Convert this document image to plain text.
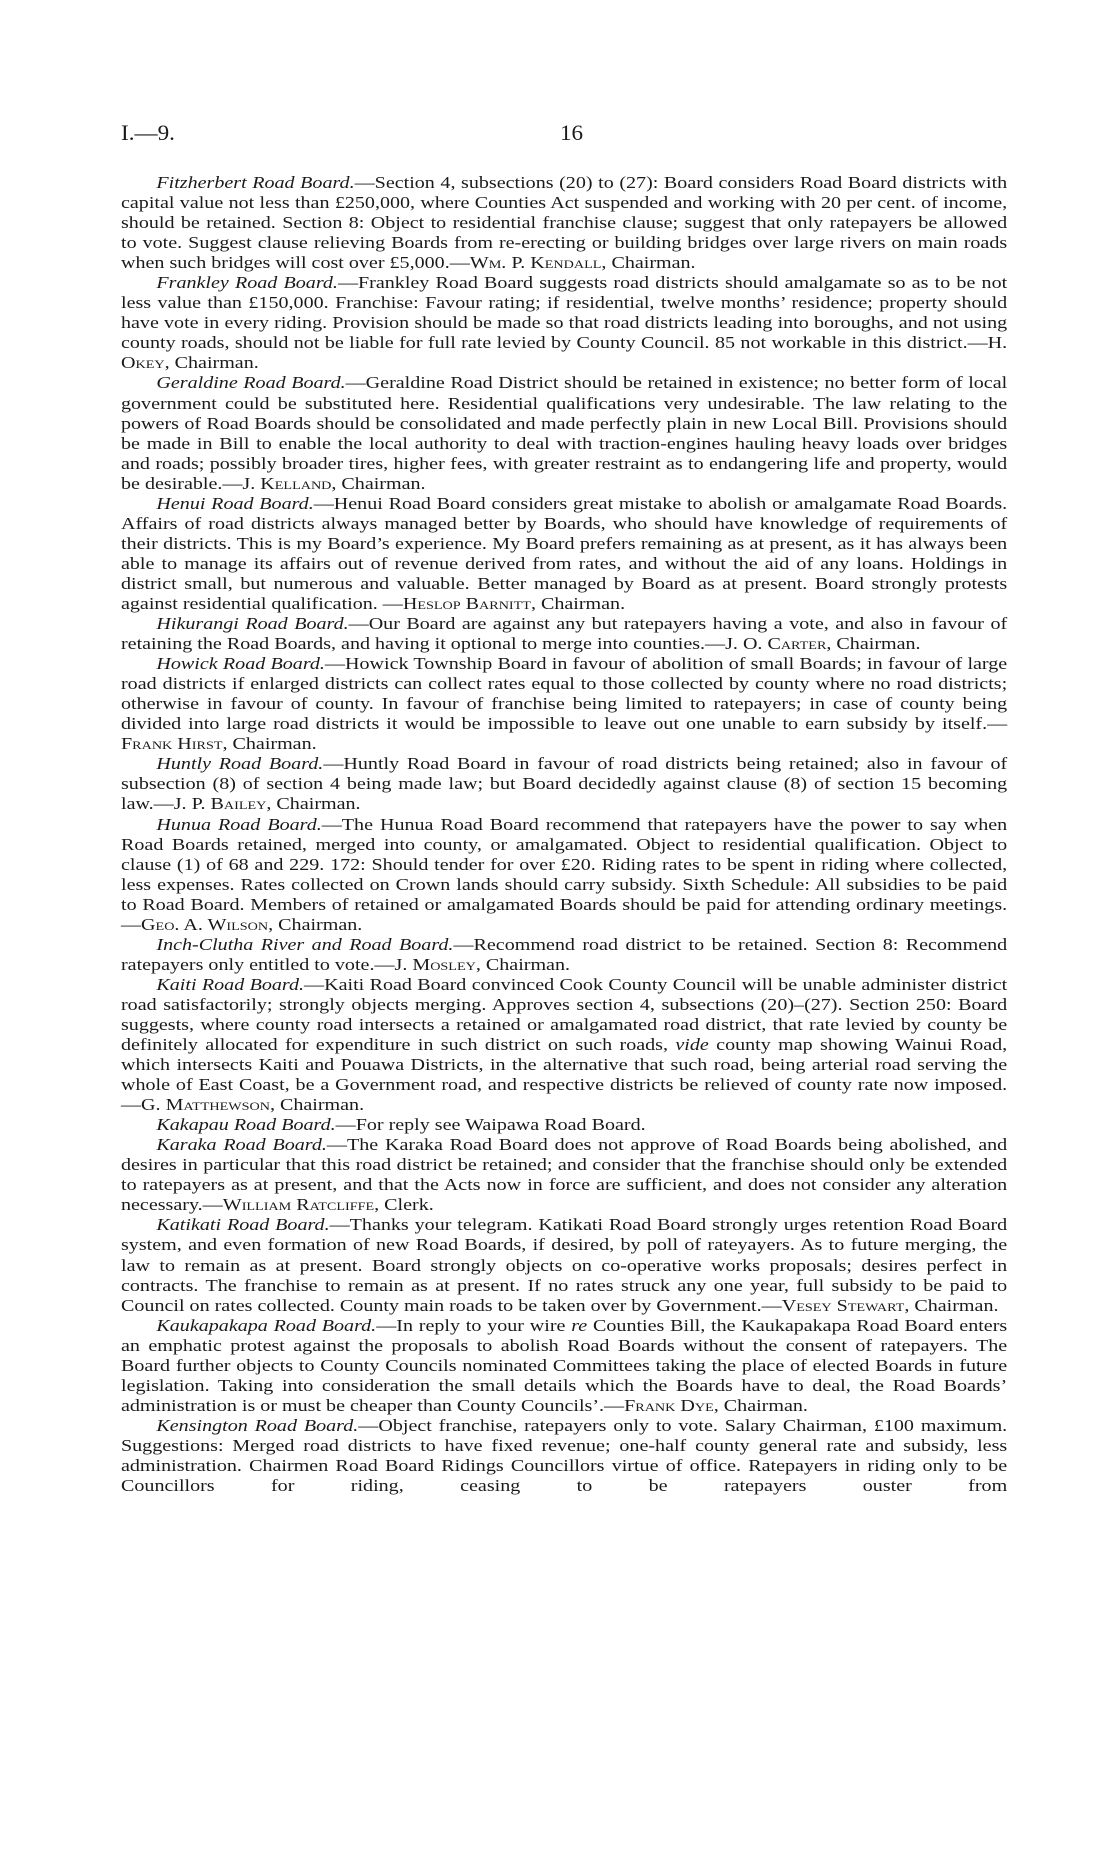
I.—9.	16

Fitzherbert Road Board.—Section 4, subsections (20) to (27): Board considers Road Board districts with capital value not less than £250,000, where Counties Act suspended and working with 20 per cent. of income, should be retained. Section 8: Object to residential franchise clause; suggest that only ratepayers be allowed to vote. Suggest clause relieving Boards from re-erecting or building bridges over large rivers on main roads when such bridges will cost over £5,000.—Wm. P. Kendall, Chairman.

Frankley Road Board.—Frankley Road Board suggests road districts should amalgamate so as to be not less value than £150,000. Franchise: Favour rating; if residential, twelve months’ residence; property should have vote in every riding. Provision should be made so that road districts leading into boroughs, and not using county roads, should not be liable for full rate levied by County Council. 85 not workable in this district.—H. Okey, Chairman.

Geraldine Road Board.—Geraldine Road District should be retained in existence; no better form of local government could be substituted here. Residential qualifications very undesirable. The law relating to the powers of Road Boards should be consolidated and made perfectly plain in new Local Bill. Provisions should be made in Bill to enable the local authority to deal with traction-engines hauling heavy loads over bridges and roads; possibly broader tires, higher fees, with greater restraint as to endangering life and property, would be desirable.—J. Kelland, Chairman.

Henui Road Board.—Henui Road Board considers great mistake to abolish or amalgamate Road Boards. Affairs of road districts always managed better by Boards, who should have knowledge of requirements of their districts. This is my Board’s experience. My Board prefers remaining as at present, as it has always been able to manage its affairs out of revenue derived from rates, and without the aid of any loans. Holdings in district small, but numerous and valuable. Better managed by Board as at present. Board strongly protests against residential qualification. —Heslop Barnitt, Chairman.

Hikurangi Road Board.—Our Board are against any but ratepayers having a vote, and also in favour of retaining the Road Boards, and having it optional to merge into counties.—J. O. Carter, Chairman.

Howick Road Board.—Howick Township Board in favour of abolition of small Boards; in favour of large road districts if enlarged districts can collect rates equal to those collected by county where no road districts; otherwise in favour of county. In favour of franchise being limited to ratepayers; in case of county being divided into large road districts it would be impossible to leave out one unable to earn subsidy by itself.—Frank Hirst, Chairman.

Huntly Road Board.—Huntly Road Board in favour of road districts being retained; also in favour of subsection (8) of section 4 being made law; but Board decidedly against clause (8) of section 15 becoming law.—J. P. Bailey, Chairman.

Hunua Road Board.—The Hunua Road Board recommend that ratepayers have the power to say when Road Boards retained, merged into county, or amalgamated. Object to residential qualification. Object to clause (1) of 68 and 229. 172: Should tender for over £20. Riding rates to be spent in riding where collected, less expenses. Rates collected on Crown lands should carry subsidy. Sixth Schedule: All subsidies to be paid to Road Board. Members of retained or amalgamated Boards should be paid for attending ordinary meetings.—Geo. A. Wilson, Chairman.

Inch-Clutha River and Road Board.—Recommend road district to be retained. Section 8: Recommend ratepayers only entitled to vote.—J. Mosley, Chairman.

Kaiti Road Board.—Kaiti Road Board convinced Cook County Council will be unable administer district road satisfactorily; strongly objects merging. Approves section 4, subsections (20)–(27). Section 250: Board suggests, where county road intersects a retained or amalgamated road district, that rate levied by county be definitely allocated for expenditure in such district on such roads, vide county map showing Wainui Road, which intersects Kaiti and Pouawa Districts, in the alternative that such road, being arterial road serving the whole of East Coast, be a Government road, and respective districts be relieved of county rate now imposed.—G. Matthewson, Chairman.

Kakapau Road Board.—For reply see Waipawa Road Board.

Karaka Road Board.—The Karaka Road Board does not approve of Road Boards being abolished, and desires in particular that this road district be retained; and consider that the franchise should only be extended to ratepayers as at present, and that the Acts now in force are sufficient, and does not consider any alteration necessary.—William Ratcliffe, Clerk.

Katikati Road Board.—Thanks your telegram. Katikati Road Board strongly urges retention Road Board system, and even formation of new Road Boards, if desired, by poll of rateyayers. As to future merging, the law to remain as at present. Board strongly objects on co-operative works proposals; desires perfect in contracts. The franchise to remain as at present. If no rates struck any one year, full subsidy to be paid to Council on rates collected. County main roads to be taken over by Government.—Vesey Stewart, Chairman.

Kaukapakapa Road Board.—In reply to your wire re Counties Bill, the Kaukapakapa Road Board enters an emphatic protest against the proposals to abolish Road Boards without the consent of ratepayers. The Board further objects to County Councils nominated Committees taking the place of elected Boards in future legislation. Taking into consideration the small details which the Boards have to deal, the Road Boards’ administration is or must be cheaper than County Councils’.—Frank Dye, Chairman.

Kensington Road Board.—Object franchise, ratepayers only to vote. Salary Chairman, £100 maximum. Suggestions: Merged road districts to have fixed revenue; one-half county general rate and subsidy, less administration. Chairmen Road Board Ridings Councillors virtue of office. Ratepayers in riding only to be Councillors for riding, ceasing to be ratepayers ouster from
